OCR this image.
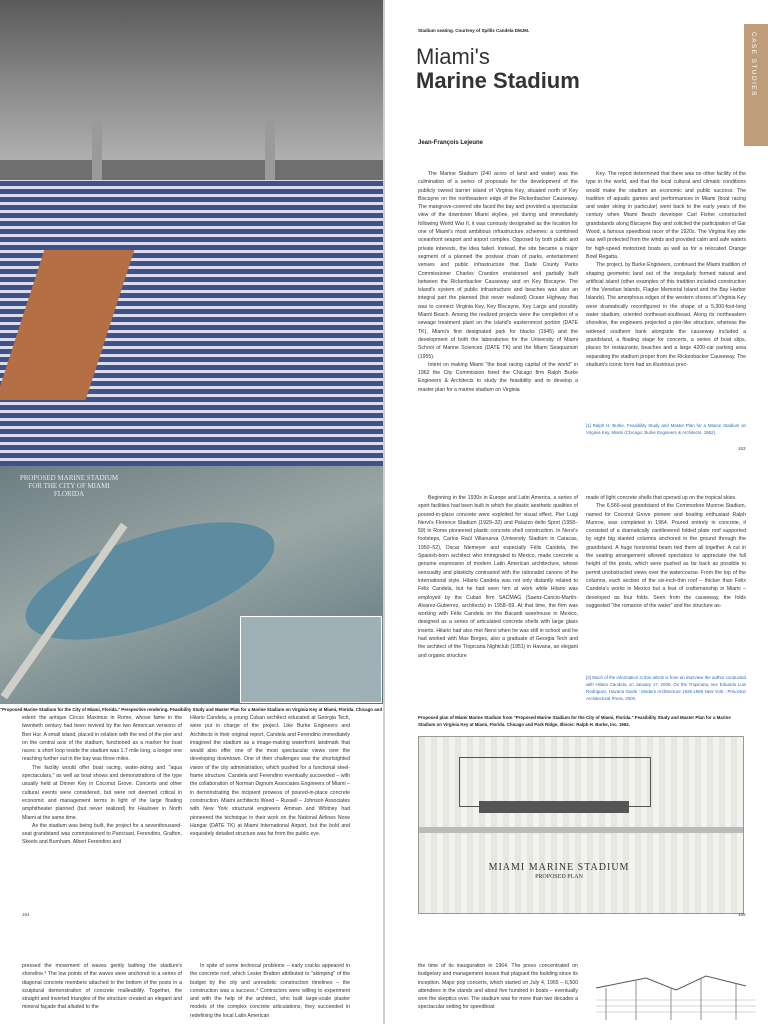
Stadium seating. Courtesy of Spillis Candela DMJM.
Miami's
Marine Stadium	CASE STUDIES
Jean-François Lejeune

The Marine Stadium (240 acres of land and water) was the culmination of a series of proposals for the development of the publicly owned barrier island of Virginia Key, situated north of Key Biscayne on the northeastern edge of the Rickenbacker Causeway. The mangrove-covered site faced the bay and provided a spectacular view of the downtown Miami skyline, yet during and immediately following World War II, it was curiously designated as the location for one of Miami's most ambitious infrastructure schemes: a combined oceanfront seaport and airport complex. Opposed by both public and private interests, the idea failed. Instead, the site became a major segment of a planned the postwar chain of parks, entertainment venues and public infrastructure that Dade County Parks Commissioner Charles Crandon envisioned and partially built between the Rickenbacker Causeway and on Key Biscayne. The island's system of public infrastructure and beaches was also an integral part the planned (but never realized) Ocean Highway that was to connect Virginia Key, Key Biscayne, Key Largo and possibly Miami Beach. Among the realized projects were the completion of a sewage treatment plant on the island's easternmost portion (DATE TK), Miami's first designated park for blacks (1945) and the development of both the laboratories for the University of Miami School of Marine Sciences (DATE TK) and the Miami Seaquarium (1955).

Intent on making Miami "the boat racing capital of the world" in 1962 the City Commission hired the Chicago firm Ralph Burke Engineers & Architects to study the feasibility and to develop a master plan for a marine stadium on Virginia

Key. The report determined that there was no other facility of the type in the world, and that the local cultural and climatic conditions would make the stadium an economic and public success. The tradition of aquatic games and performances in Miami (boat racing and water skiing in particular) went back to the early years of the century when Miami Beach developer Carl Fisher constructed grandstands along Biscayne Bay and solicited the participation of Gar Wood, a famous speedboat racer of the 1920s. The Virginia Key site was well protected from the winds and provided calm and safe waters for high-speed motorized boats as well as for a relocated Orange Bowl Regatta.

The project, by Burke Engineers, continued the Miami tradition of shaping geometric land out of the irregularly formed natural and artificial island (other examples of this tradition included construction of the Venetian Islands, Flagler Memorial Island and the Bay Harbor Islands). The amorphous edges of the western shores of Virginia Key were dramatically reconfigured in the shape of a 5,300-foot-long water stadium, oriented northeast-southeast. Along its northeastern shoreline, the engineers projected a pier-like structure, whereas the widened southern bank alongside the causeway included a grandstand, a floating stage for concerts, a series of boat slips, places for restaurants, beaches and a large 4200-car parking area separating the stadium proper from the Rickenbacker Causeway. The stadium's iconic form had an illustrious prec-

[1] Ralph H. Burke, Feasibility Study and Master Plan for a Marine Stadium on Virginia Key, Miami (Chicago: Burke Engineers & Architects, 1962).
163
PROPOSED MARINE STADIUM FOR THE CITY OF MIAMI FLORIDA
"Proposed Marine Stadium for the City of Miami, Florida." Perspective rendering. Feasibility Study and Master Plan for a Marine Stadium on Virginia Key at Miami, Florida. Chicago and

Beginning in the 1930s in Europe and Latin America, a series of sport facilities had been built in which the plastic aesthetic qualities of poured-in-place concrete were exploited for visual effect. Pier Luigi Nervi's Florence Stadium (1929–32) and Palazzo dello Sport (1958–59) in Rome pioneered plastic concrete shell construction. In Nervi's footsteps, Carlos Raúl Villanueva (University Stadium in Caracas, 1950–52), Oscar Niemeyer and especially Félix Candela, the Spanish-born architect who immigrated to Mexico, made concrete a genuine expression of modern Latin American architecture, whose sensuality and plasticity contrasted with the rationalist canons of the international style. Hilario Candela was not only distantly related to Félix Candela, but he had seen him at work while Hilario was employed by the Cuban firm SACMAG (Saenz-Cancio-Martín-Alvarez-Gutierrez, architects) in 1958–59. At that time, the firm was working with Félix Candela on the Bacardi warehouse in Mexico, designed as a series of articulated concrete shells with large glass inserts. Hilario had also met Nervi when he was still in school and he had worked with Max Borges, also a graduate of Georgia Tech and the architect of the Tropicana Nightclub (1951) in Havana, an elegant and organic structure

made of light concrete shells that opened up on the tropical skies.

The 6,566-seat grandstand of the Commodore Munroe Stadium, named for Coconut Grove pioneer and boating enthusiast Ralph Munroe, was completed in 1964. Poured entirely in concrete, it consisted of a dramatically cantilevered folded plate roof supported by eight big slanted columns anchored in the ground through the grandstand. A huge horizontal beam tied them all together. A cut in the seating arrangement allowed spectators to appreciate the full height of the posts, which were pushed as far back as possible to permit unobstructed views over the watercourse. From the top of the columns, each section of the six-inch-thin roof – thicker than Félix Candela's works in Mexico but a feat of craftsmanship in Miami – developed as four folds. Seen from the causeway, the folds suggested "the romance of the water" and the structure as-

[2] Much of the information in this article is from an interview the author conducted with Hilario Candela, on January 17, 2005. On the Tropicana, see Eduardo Luis Rodríguez, Havana Guide : Modern Architecture 1925-1965 New York : Princeton Architectural Press, 2000.

edent: the antique Circus Maximus in Rome, whose fame in the twentieth century had been revived by the two American versions of Ben Hur. A small island, placed in relation with the end of the pier and on the central axis of the stadium, functioned as a marker for boat races: a short loop inside the stadium was 1.7 mile long, a longer one reaching further out in the bay was three miles.

The facility would offer boat racing, water-skiing and "aqua spectaculars," as well as boat shows and demonstrations of the type usually held at Dinner Key in Coconut Grove. Concerts and other cultural events were considered, but were not deemed critical in economic and management terms in light of the large floating amphitheater planned (but never realized) for Haulover in North Miami at the same time.

As the stadium was being built, the project for a seventhousand-seat grandstand was commissioned to Pancoast, Ferendino, Grafton, Skeels and Burnham. Albert Ferendino and

Hilario Candela, a young Cuban architect educated at Georgia Tech, were put in charge of the project. Like Burke Engineers and Architects in their original report, Candela and Ferendino immediately imagined the stadium as a image-making waterfront landmark that would also offer one of the most spectacular views over the developing downtown. One of their challenges was the shortsighted vision of the city administration, which pushed for a functional steel-frame structure. Candela and Ferendino eventually succeeded – with the collaboration of Norman Dignum Associates Engineers of Miami – in demonstrating the incipient prowess of poured-in-place concrete construction. Miami architects Weed – Russell – Johnson Associates with New York structural engineers Amman and Whitney had pioneered the technique in their work on the National Airlines Nose Hangar (DATE TK) at Miami International Airport, but the bold and exquisitely detailed structure was far from the public eye.

164
Proposed plan of Miami Marine Stadium from "Proposed Marine Stadium for the City of Miami, Florida." Feasibility Study and Master Plan for a Marine Stadium on Virginia Key at Miami, Florida. Chicago and Park Ridge, Illinois: Ralph H. Burke, Inc. 1962.
MIAMI MARINE STADIUM
PROPOSED PLAN
165

pressed the movement of waves gently bathing the stadium's shoreline.³ The low points of the waves were anchored to a series of diagonal concrete members attached to the bottom of the posts in a sculptural demonstration of concrete malleability. Together, the straight and inverted triangles of the structure created an elegant and mineral façade that alluded to the

In spite of some technical problems – early cracks appeared in the concrete roof, which Lester Bratton attributed to "skimping" of the budget by the city and unrealistic construction timelines – the construction was a success.⁴ Contractors were willing to experiment and with the help of the architect, who built large-scale plaster models of the complex concrete articulations, they succeeded in redefining the local Latin American

the time of its inauguration in 1964. The press concentrated on budgetary and management issues that plagued the building since its inception. Major pop concerts, which started on July 4, 1965 – 6,500 attendees in the stands and about five hundred in boats – eventually won the skeptics over. The stadium was for more than two decades a spectacular setting for speedboat
